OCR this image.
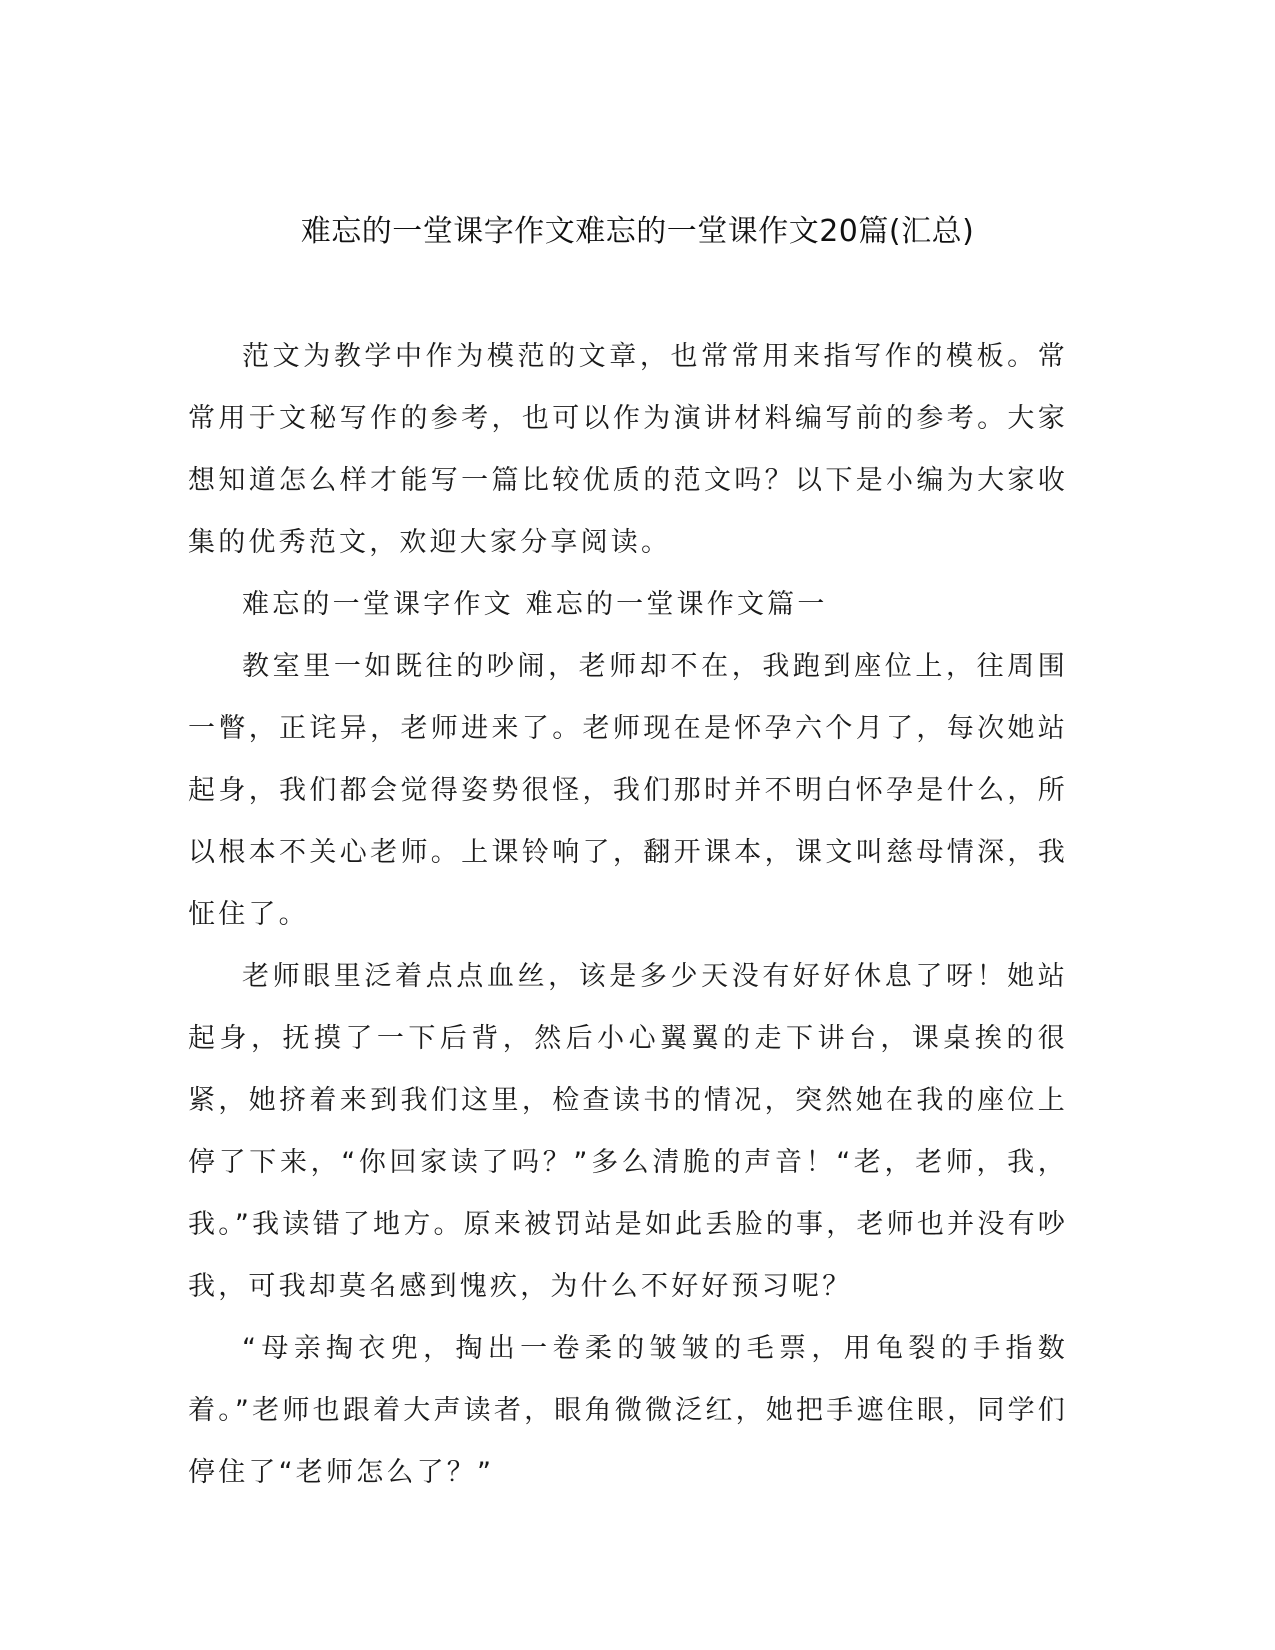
难忘的一堂课字作文难忘的一堂课作文20篇(汇总)

范文为教学中作为模范的文章，也常常用来指写作的模板。常常用于文秘写作的参考，也可以作为演讲材料编写前的参考。大家想知道怎么样才能写一篇比较优质的范文吗？以下是小编为大家收集的优秀范文，欢迎大家分享阅读。

难忘的一堂课字作文 难忘的一堂课作文篇一

教室里一如既往的吵闹，老师却不在，我跑到座位上，往周围一瞥，正诧异，老师进来了。老师现在是怀孕六个月了，每次她站起身，我们都会觉得姿势很怪，我们那时并不明白怀孕是什么，所以根本不关心老师。上课铃响了，翻开课本，课文叫慈母情深，我怔住了。

老师眼里泛着点点血丝，该是多少天没有好好休息了呀！她站起身，抚摸了一下后背，然后小心翼翼的走下讲台，课桌挨的很紧，她挤着来到我们这里，检查读书的情况，突然她在我的座位上停了下来，“你回家读了吗？”多么清脆的声音！“老，老师，我，我。”我读错了地方。原来被罚站是如此丢脸的事，老师也并没有吵我，可我却莫名感到愧疚，为什么不好好预习呢？

“母亲掏衣兜，掏出一卷柔的皱皱的毛票，用龟裂的手指数着。”老师也跟着大声读者，眼角微微泛红，她把手遮住眼，同学们停住了“老师怎么了？”
